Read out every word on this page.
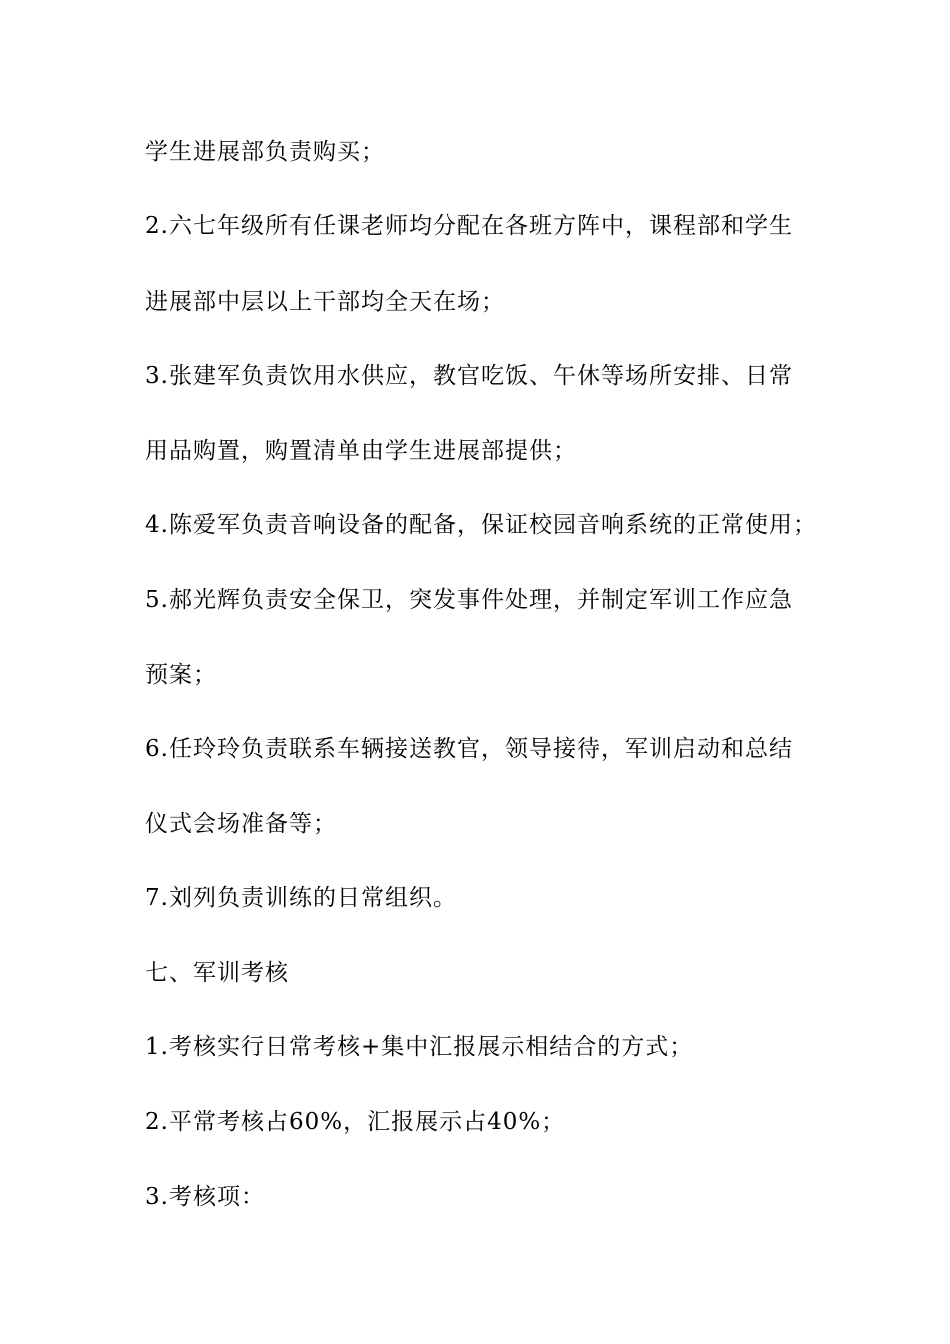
学生进展部负责购买；
2.六七年级所有任课老师均分配在各班方阵中，课程部和学生
进展部中层以上干部均全天在场；
3.张建军负责饮用水供应，教官吃饭、午休等场所安排、日常
用品购置，购置清单由学生进展部提供；
4.陈爱军负责音响设备的配备，保证校园音响系统的正常使用；
5.郝光辉负责安全保卫，突发事件处理，并制定军训工作应急
预案；
6.任玲玲负责联系车辆接送教官，领导接待，军训启动和总结
仪式会场准备等；
7.刘列负责训练的日常组织。
七、军训考核
1.考核实行日常考核+集中汇报展示相结合的方式；
2.平常考核占60%，汇报展示占40%；
3.考核项：
